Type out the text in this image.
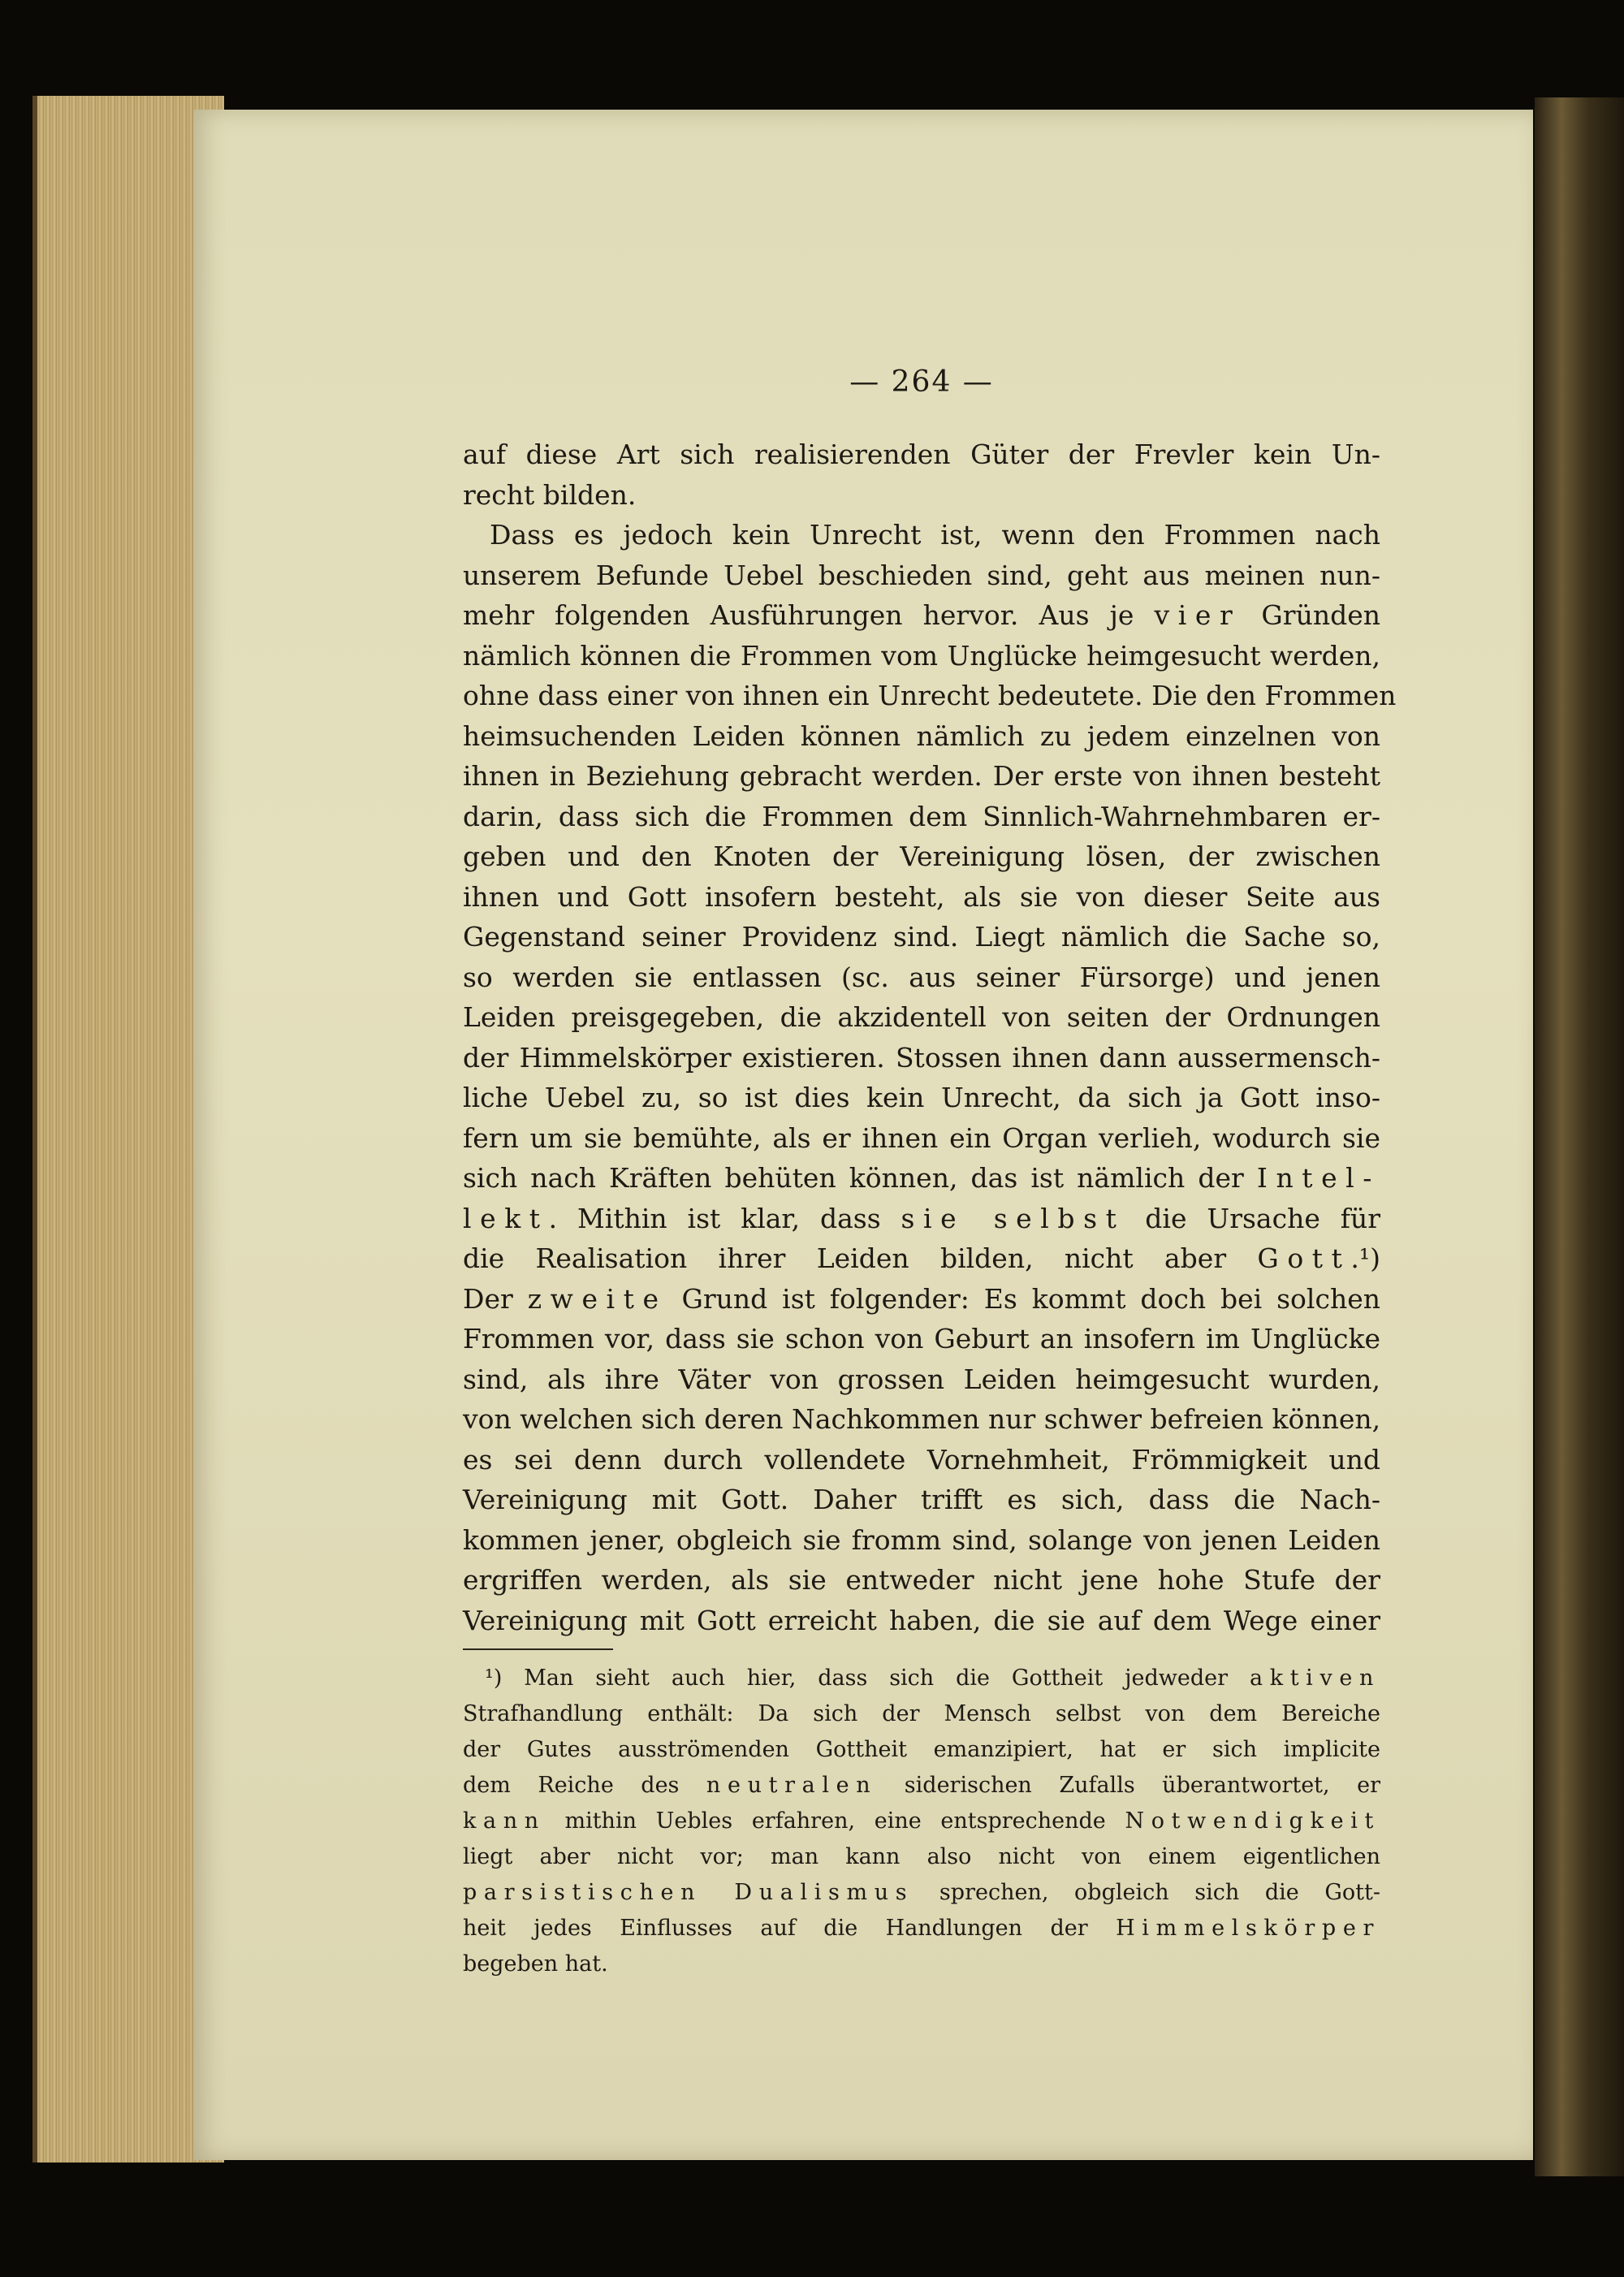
— 264 —
auf diese Art sich realisierenden Güter der Frevler kein Un-
recht bilden.
 Dass es jedoch kein Unrecht ist, wenn den Frommen nach
unserem Befunde Uebel beschieden sind, geht aus meinen nun-
mehr folgenden Ausführungen hervor. Aus je vier Gründen
nämlich können die Frommen vom Unglücke heimgesucht werden,
ohne dass einer von ihnen ein Unrecht bedeutete. Die den Frommen
heimsuchenden Leiden können nämlich zu jedem einzelnen von
ihnen in Beziehung gebracht werden. Der erste von ihnen besteht
darin, dass sich die Frommen dem Sinnlich-Wahrnehmbaren er-
geben und den Knoten der Vereinigung lösen, der zwischen
ihnen und Gott insofern besteht, als sie von dieser Seite aus
Gegenstand seiner Providenz sind. Liegt nämlich die Sache so,
so werden sie entlassen (sc. aus seiner Fürsorge) und jenen
Leiden preisgegeben, die akzidentell von seiten der Ordnungen
der Himmelskörper existieren. Stossen ihnen dann aussermensch-
liche Uebel zu, so ist dies kein Unrecht, da sich ja Gott inso-
fern um sie bemühte, als er ihnen ein Organ verlieh, wodurch sie
sich nach Kräften behüten können, das ist nämlich der Intel-
lekt. Mithin ist klar, dass sie selbst die Ursache für
die Realisation ihrer Leiden bilden, nicht aber Gott.¹)
Der zweite Grund ist folgender: Es kommt doch bei solchen
Frommen vor, dass sie schon von Geburt an insofern im Unglücke
sind, als ihre Väter von grossen Leiden heimgesucht wurden,
von welchen sich deren Nachkommen nur schwer befreien können,
es sei denn durch vollendete Vornehmheit, Frömmigkeit und
Vereinigung mit Gott. Daher trifft es sich, dass die Nach-
kommen jener, obgleich sie fromm sind, solange von jenen Leiden
ergriffen werden, als sie entweder nicht jene hohe Stufe der
Vereinigung mit Gott erreicht haben, die sie auf dem Wege einer
 ¹) Man sieht auch hier, dass sich die Gottheit jedweder aktiven
Strafhandlung enthält: Da sich der Mensch selbst von dem Bereiche
der Gutes ausströmenden Gottheit emanzipiert, hat er sich implicite
dem Reiche des neutralen siderischen Zufalls überantwortet, er
kann mithin Uebles erfahren, eine entsprechende Notwendigkeit
liegt aber nicht vor; man kann also nicht von einem eigentlichen
parsistischen Dualismus sprechen, obgleich sich die Gott-
heit jedes Einflusses auf die Handlungen der Himmelskörper
begeben hat.
